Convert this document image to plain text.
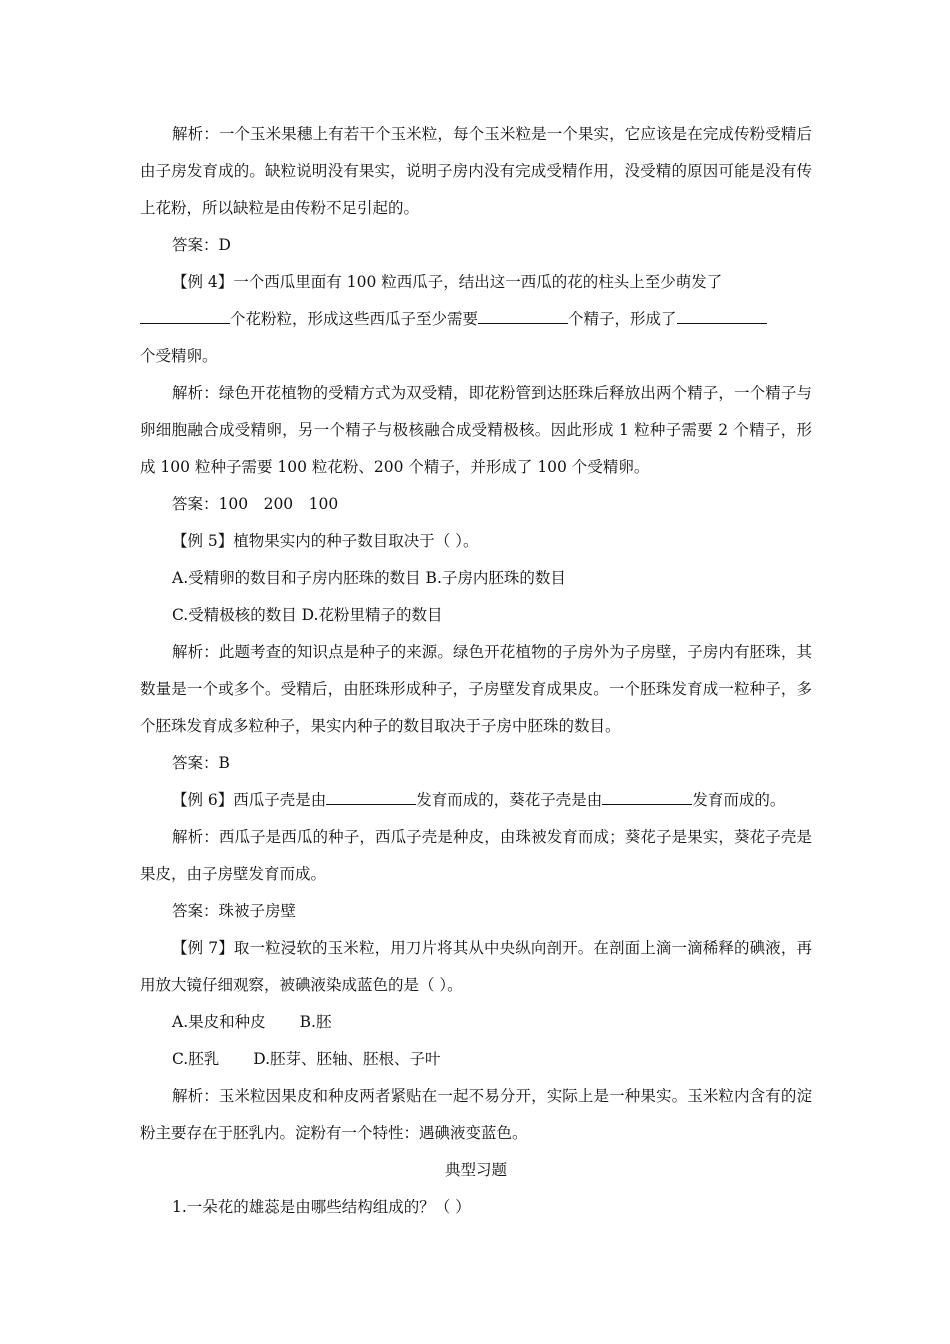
解析：一个玉米果穗上有若干个玉米粒，每个玉米粒是一个果实，它应该是在完成传粉受精后由子房发育成的。缺粒说明没有果实，说明子房内没有完成受精作用，没受精的原因可能是没有传上花粉，所以缺粒是由传粉不足引起的。

答案：D

【例 4】一个西瓜里面有 100 粒西瓜子，结出这一西瓜的花的柱头上至少萌发了

个花粉粒，形成这些西瓜子至少需要	个精子，形成了

个受精卵。

解析：绿色开花植物的受精方式为双受精，即花粉管到达胚珠后释放出两个精子，一个精子与卵细胞融合成受精卵，另一个精子与极核融合成受精极核。因此形成 1 粒种子需要 2 个精子，形成 100 粒种子需要 100 粒花粉、200 个精子，并形成了 100 个受精卵。

答案：100　200　100

【例 5】植物果实内的种子数目取决于（ ）。

A.受精卵的数目和子房内胚珠的数目 B.子房内胚珠的数目

C.受精极核的数目 D.花粉里精子的数目

解析：此题考查的知识点是种子的来源。绿色开花植物的子房外为子房壁，子房内有胚珠，其数量是一个或多个。受精后，由胚珠形成种子，子房壁发育成果皮。一个胚珠发育成一粒种子，多个胚珠发育成多粒种子，果实内种子的数目取决于子房中胚珠的数目。

答案：B

【例 6】西瓜子壳是由	发育而成的，葵花子壳是由	发育而成的。

解析：西瓜子是西瓜的种子，西瓜子壳是种皮，由珠被发育而成；葵花子是果实，葵花子壳是果皮，由子房壁发育而成。

答案：珠被子房壁

【例 7】取一粒浸软的玉米粒，用刀片将其从中央纵向剖开。在剖面上滴一滴稀释的碘液，再用放大镜仔细观察，被碘液染成蓝色的是（ ）。

A.果皮和种皮 B.胚

C.胚乳 D.胚芽、胚轴、胚根、子叶

解析：玉米粒因果皮和种皮两者紧贴在一起不易分开，实际上是一种果实。玉米粒内含有的淀粉主要存在于胚乳内。淀粉有一个特性：遇碘液变蓝色。

典型习题

1.一朵花的雄蕊是由哪些结构组成的？（ ）
